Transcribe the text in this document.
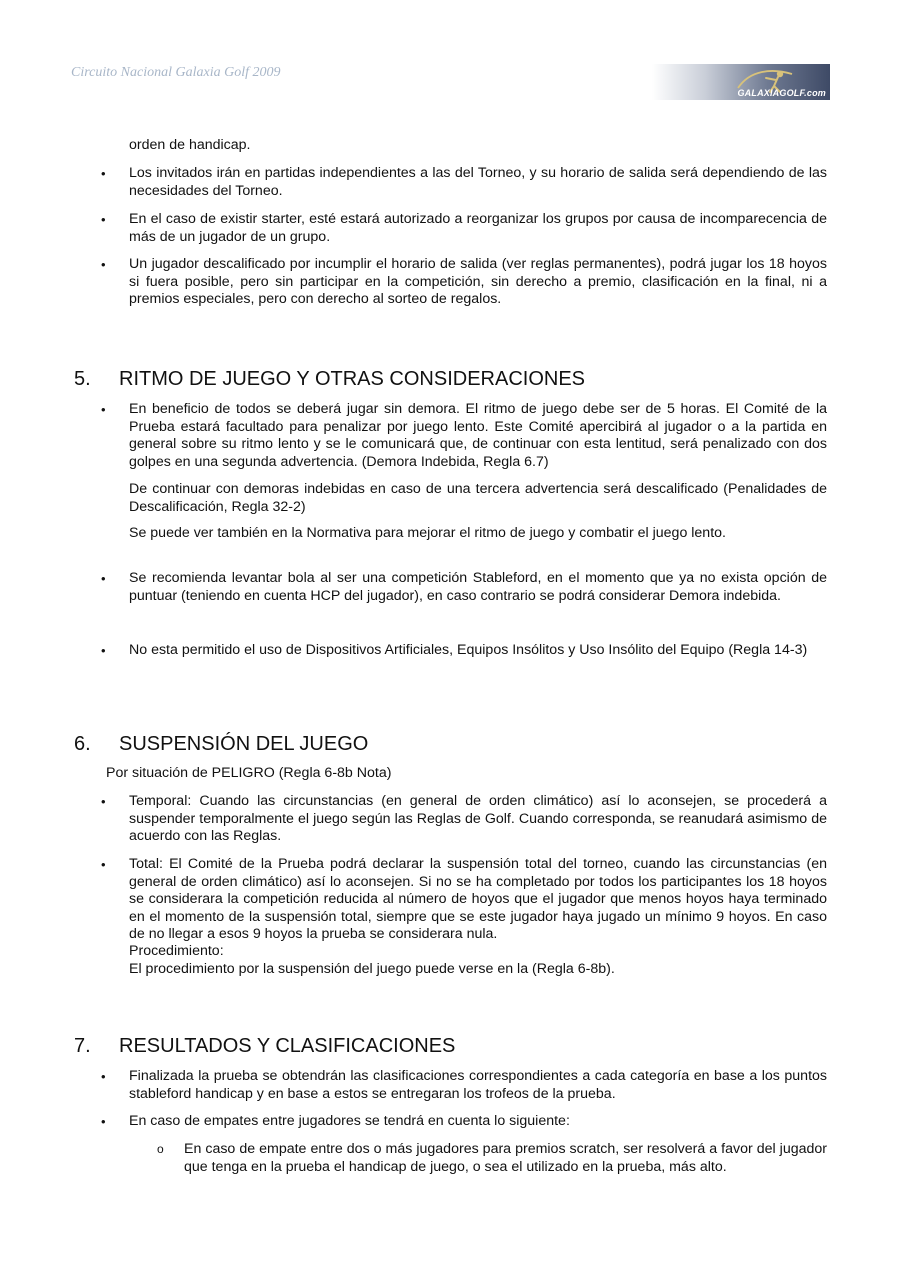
Circuito Nacional Galaxia Golf 2009
GALAXIAGOLF.com
orden de handicap.
• Los invitados irán en partidas independientes a las del Torneo, y su horario de salida será dependiendo de las necesidades del Torneo.
• En el caso de existir starter, esté estará autorizado a reorganizar los grupos por causa de incomparecencia de más de un jugador de un grupo.
• Un jugador descalificado por incumplir el horario de salida (ver reglas permanentes), podrá jugar los 18 hoyos si fuera posible, pero sin participar en la competición, sin derecho a premio, clasificación en la final, ni a premios especiales, pero con derecho al sorteo de regalos.
5. RITMO DE JUEGO Y OTRAS CONSIDERACIONES
• En beneficio de todos se deberá jugar sin demora. El ritmo de juego debe ser de 5 horas. El Comité de la Prueba estará facultado para penalizar por juego lento. Este Comité apercibirá al jugador o a la partida en general sobre su ritmo lento y se le comunicará que, de continuar con esta lentitud, será penalizado con dos golpes en una segunda advertencia. (Demora Indebida, Regla 6.7)
De continuar con demoras indebidas en caso de una tercera advertencia será descalificado (Penalidades de Descalificación, Regla 32-2)
Se puede ver también en la Normativa para mejorar el ritmo de juego y combatir el juego lento.
• Se recomienda levantar bola al ser una competición Stableford, en el momento que ya no exista opción de puntuar (teniendo en cuenta HCP del jugador), en caso contrario se podrá considerar Demora indebida.
• No esta permitido el uso de Dispositivos Artificiales, Equipos Insólitos y Uso Insólito del Equipo (Regla 14-3)
6. SUSPENSIÓN DEL JUEGO
Por situación de PELIGRO (Regla 6-8b Nota)
• Temporal: Cuando las circunstancias (en general de orden climático) así lo aconsejen, se procederá a suspender temporalmente el juego según las Reglas de Golf. Cuando corresponda, se reanudará asimismo de acuerdo con las Reglas.
• Total: El Comité de la Prueba podrá declarar la suspensión total del torneo, cuando las circunstancias (en general de orden climático) así lo aconsejen. Si no se ha completado por todos los participantes los 18 hoyos se considerara la competición reducida al número de hoyos que el jugador que menos hoyos haya terminado en el momento de la suspensión total, siempre que se este jugador haya jugado un mínimo 9 hoyos. En caso de no llegar a esos 9 hoyos la prueba se considerara nula.
Procedimiento:
El procedimiento por la suspensión del juego puede verse en la (Regla 6-8b).
7. RESULTADOS Y CLASIFICACIONES
• Finalizada la prueba se obtendrán las clasificaciones correspondientes a cada categoría en base a los puntos stableford handicap y en base a estos se entregaran los trofeos de la prueba.
• En caso de empates entre jugadores se tendrá en cuenta lo siguiente:
o En caso de empate entre dos o más jugadores para premios scratch, ser resolverá a favor del jugador que tenga en la prueba el handicap de juego, o sea el utilizado en la prueba, más alto.
